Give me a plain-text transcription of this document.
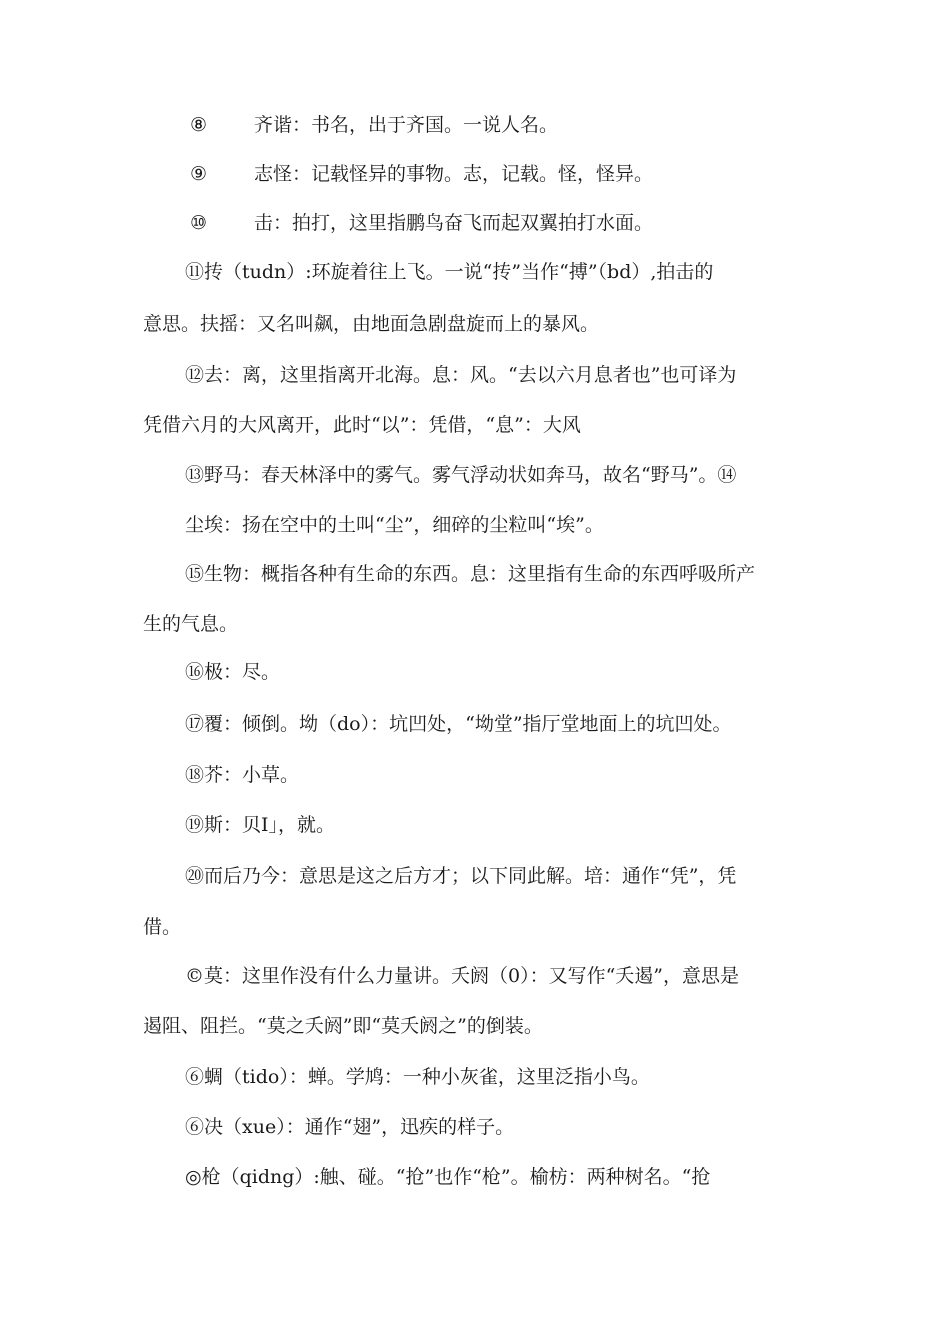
⑧ 齐谐：书名，出于齐国。一说人名。
⑨ 志怪：记载怪异的事物。志，记载。怪，怪异。
⑩ 击：拍打，这里指鹏鸟奋飞而起双翼拍打水面。
⑪抟（tudn）:环旋着往上飞。一说“抟”当作“搏”（bd）,拍击的
意思。扶摇：又名叫飙，由地面急剧盘旋而上的暴风。
⑫去：离，这里指离开北海。息：风。“去以六月息者也”也可译为
凭借六月的大风离开，此时“以”：凭借，“息”：大风
⑬野马：春天林泽中的雾气。雾气浮动状如奔马，故名“野马”。⑭
尘埃：扬在空中的土叫“尘”，细碎的尘粒叫“埃”。
⑮生物：概指各种有生命的东西。息：这里指有生命的东西呼吸所产
生的气息。
⑯极：尽。
⑰覆：倾倒。坳（do）：坑凹处，“坳堂”指厅堂地面上的坑凹处。
⑱芥：小草。
⑲斯：贝I」，就。
⑳而后乃今：意思是这之后方才；以下同此解。培：通作“凭”，凭
借。
©莫：这里作没有什么力量讲。夭阏（0）：又写作“夭遏”，意思是
遏阻、阻拦。“莫之夭阏”即“莫夭阏之”的倒装。
⑥蜩（tido）：蝉。学鸠：一种小灰雀，这里泛指小鸟。
⑥决（xue）：通作“翅”，迅疾的样子。
◎枪（qidng）:触、碰。“抢”也作“枪”。榆枋：两种树名。“抢
